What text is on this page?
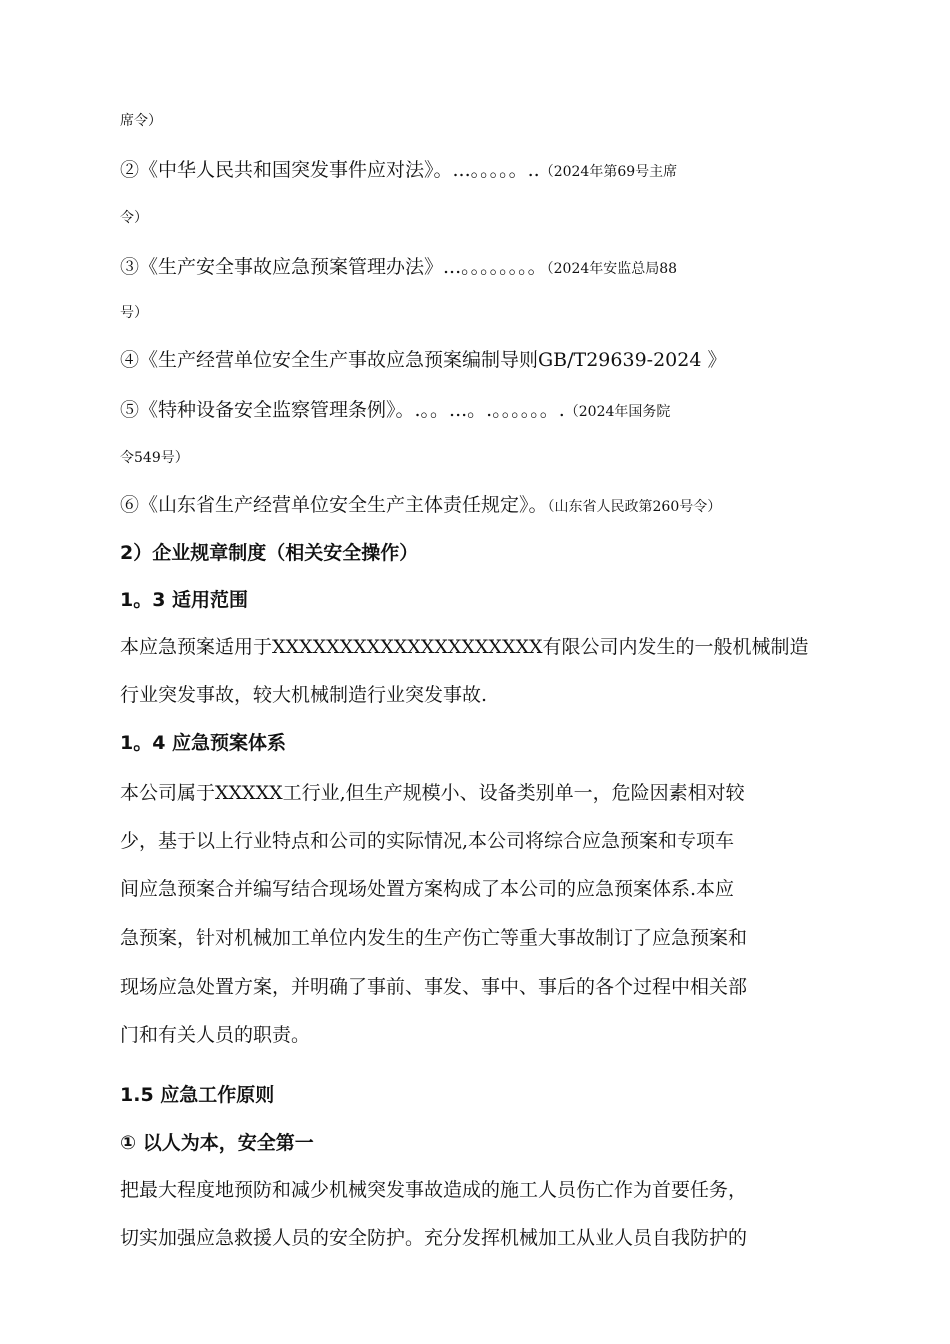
席令）
②《中华人民共和国突发事件应对法》。...。。。。。..（2024年第69号主席
令）
③《生产安全事故应急预案管理办法》...。。。。。。。。（2024年安监总局88
号）
④《生产经营单位安全生产事故应急预案编制导则GB/T29639-2024 》
⑤《特种设备安全监察管理条例》。.。。...。.。。。。。。.（2024年国务院
令549号）
⑥《山东省生产经营单位安全生产主体责任规定》。（山东省人民政第260号令）
2）企业规章制度（相关安全操作）
1。3 适用范围
本应急预案适用于XXXXXXXXXXXXXXXXXXXX有限公司内发生的一般机械制造
行业突发事故，较大机械制造行业突发事故.
1。4 应急预案体系
本公司属于XXXXX工行业,但生产规模小、设备类别单一，危险因素相对较
少，基于以上行业特点和公司的实际情况,本公司将综合应急预案和专项车
间应急预案合并编写结合现场处置方案构成了本公司的应急预案体系.本应
急预案，针对机械加工单位内发生的生产伤亡等重大事故制订了应急预案和
现场应急处置方案，并明确了事前、事发、事中、事后的各个过程中相关部
门和有关人员的职责。
1.5 应急工作原则
① 以人为本，安全第一
把最大程度地预防和减少机械突发事故造成的施工人员伤亡作为首要任务，
切实加强应急救援人员的安全防护。充分发挥机械加工从业人员自我防护的
